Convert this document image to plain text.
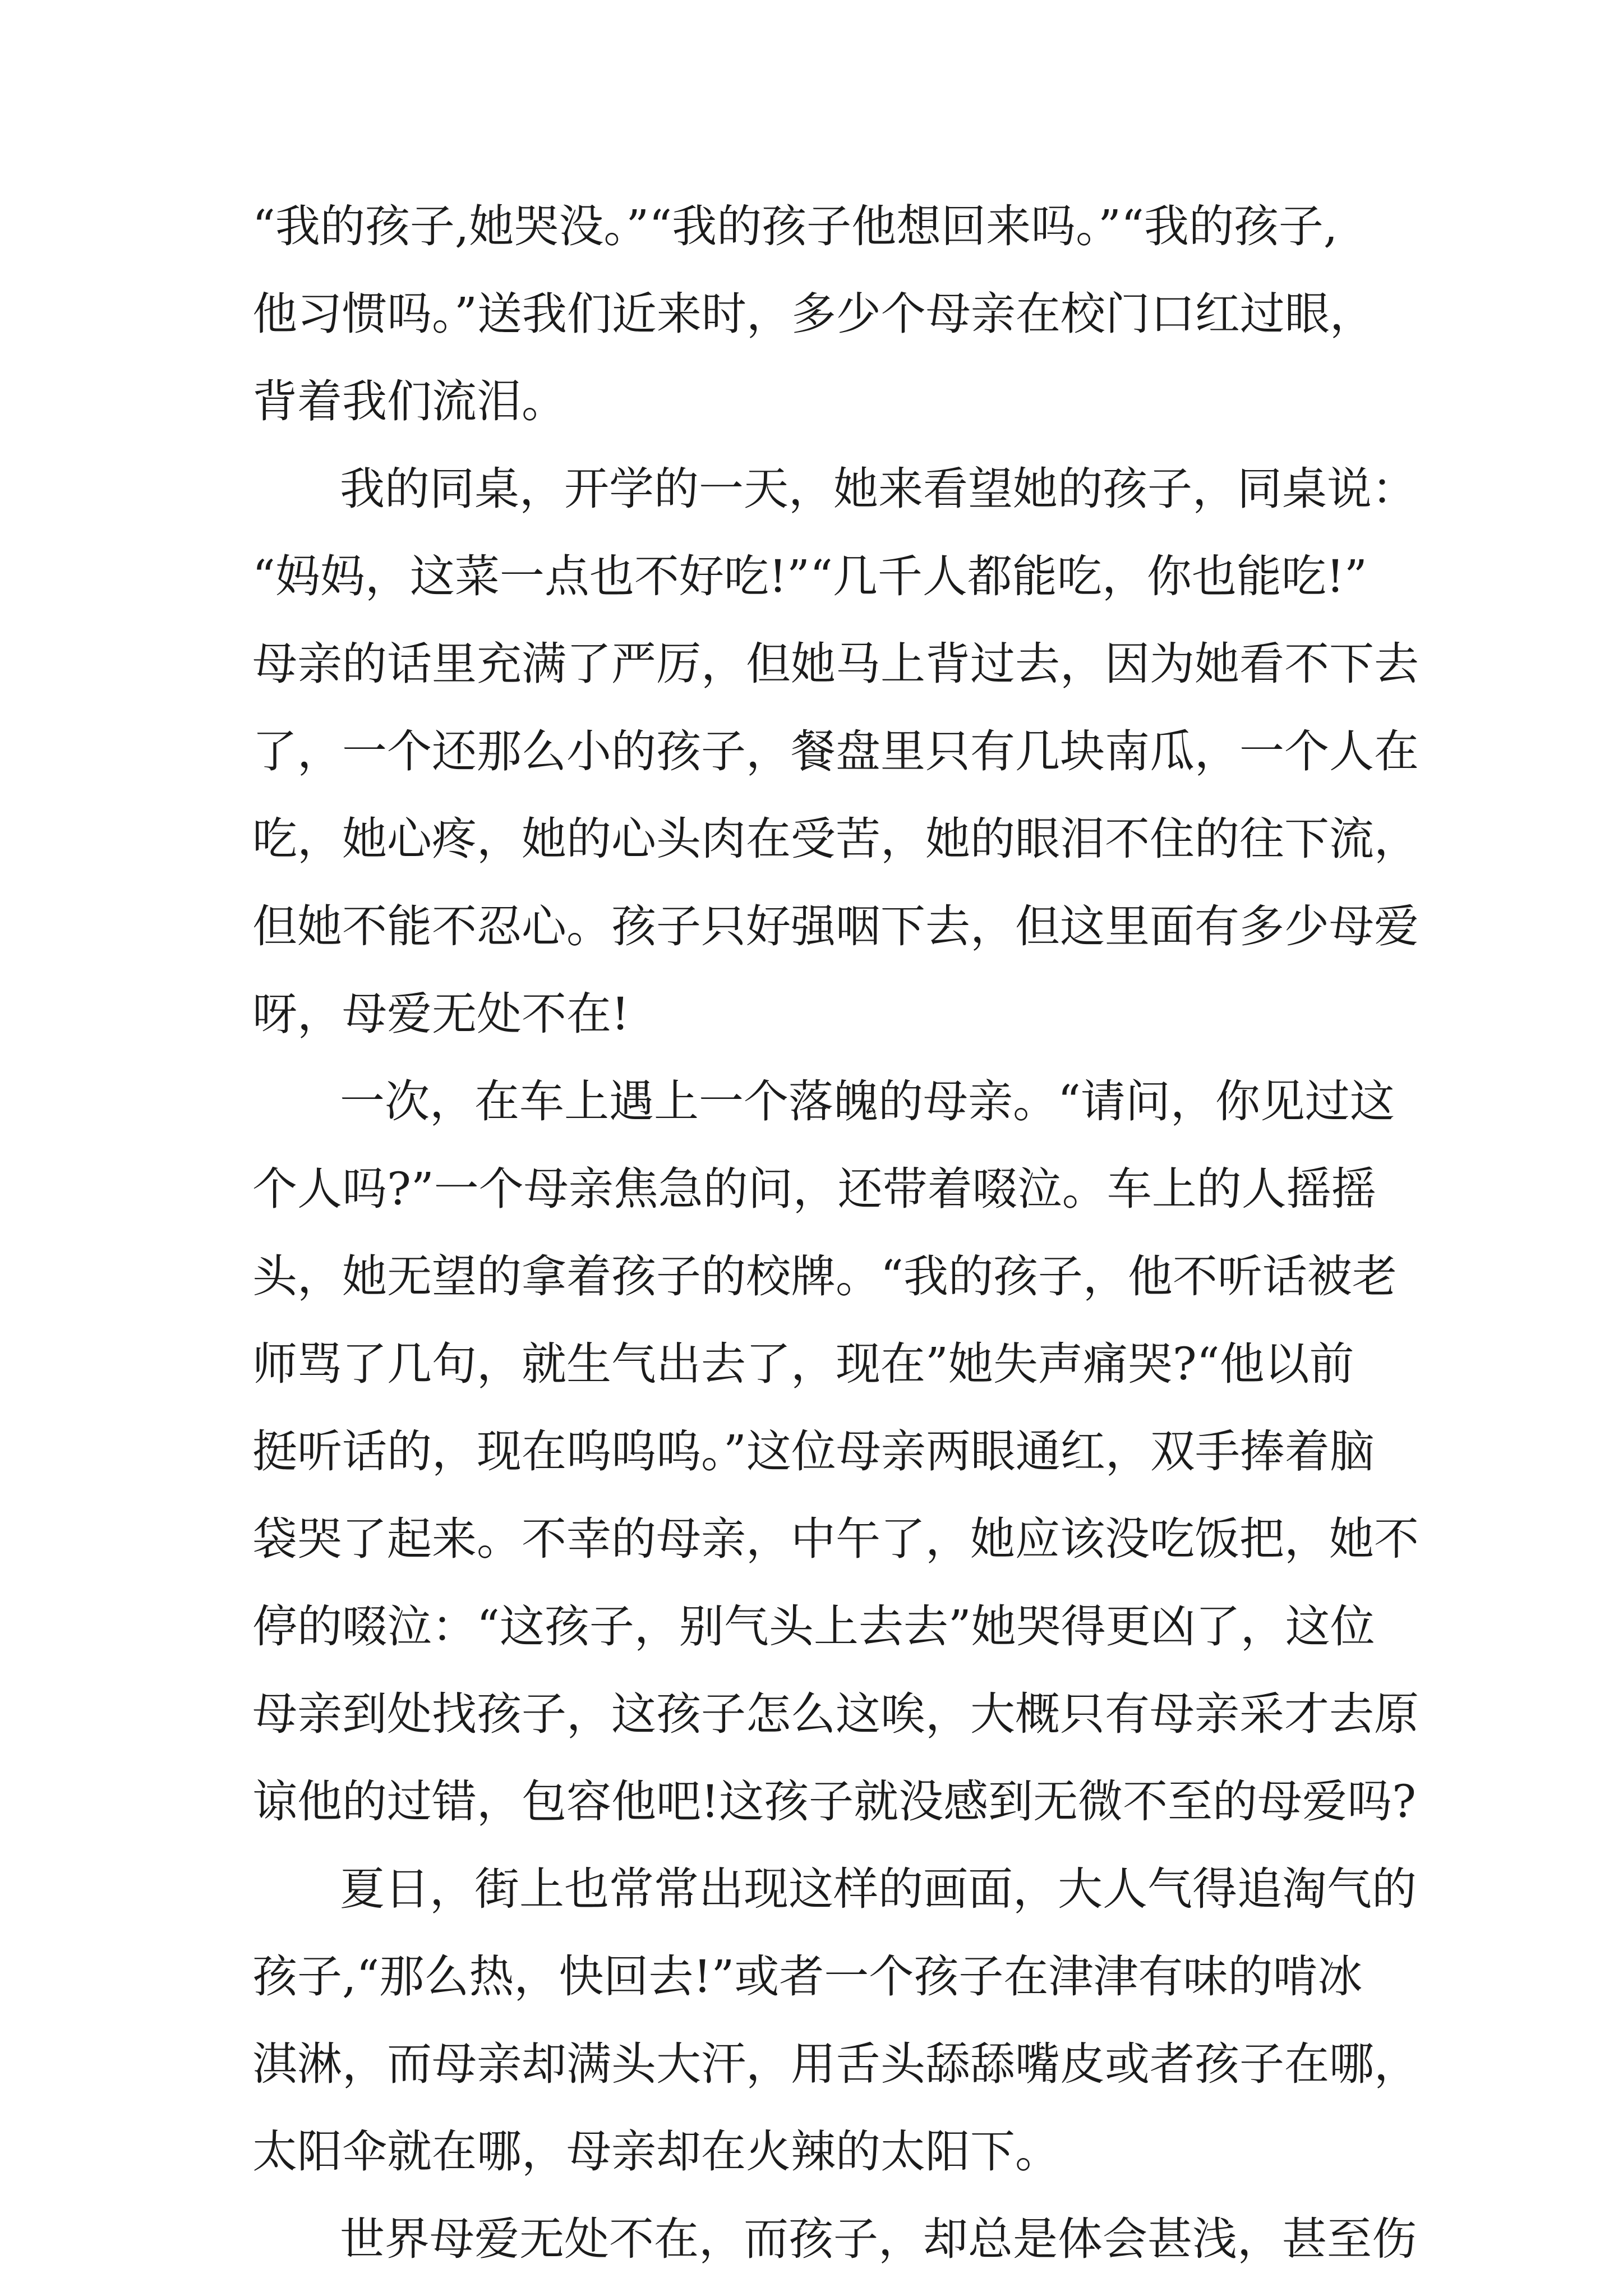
“我的孩子,她哭没。”“我的孩子他想回来吗。”“我的孩子,
他习惯吗。”送我们近来时，多少个母亲在校门口红过眼，
背着我们流泪。
我的同桌，开学的一天，她来看望她的孩子，同桌说：
“妈妈，这菜一点也不好吃!”“几千人都能吃，你也能吃!”
母亲的话里充满了严厉，但她马上背过去，因为她看不下去
了，一个还那么小的孩子，餐盘里只有几块南瓜，一个人在
吃，她心疼，她的心头肉在受苦，她的眼泪不住的往下流，
但她不能不忍心。孩子只好强咽下去，但这里面有多少母爱
呀，母爱无处不在!
一次，在车上遇上一个落魄的母亲。“请问，你见过这
个人吗?”一个母亲焦急的问，还带着啜泣。车上的人摇摇
头，她无望的拿着孩子的校牌。“我的孩子，他不听话被老
师骂了几句，就生气出去了，现在”她失声痛哭?“他以前
挺听话的，现在呜呜呜。”这位母亲两眼通红，双手捧着脑
袋哭了起来。不幸的母亲，中午了，她应该没吃饭把，她不
停的啜泣：“这孩子，别气头上去去”她哭得更凶了，这位
母亲到处找孩子，这孩子怎么这唉，大概只有母亲采才去原
谅他的过错，包容他吧!这孩子就没感到无微不至的母爱吗?
夏日，街上也常常出现这样的画面，大人气得追淘气的
孩子,“那么热，快回去!”或者一个孩子在津津有味的啃冰
淇淋，而母亲却满头大汗，用舌头舔舔嘴皮或者孩子在哪，
太阳伞就在哪，母亲却在火辣的太阳下。
世界母爱无处不在，而孩子，却总是体会甚浅，甚至伤
